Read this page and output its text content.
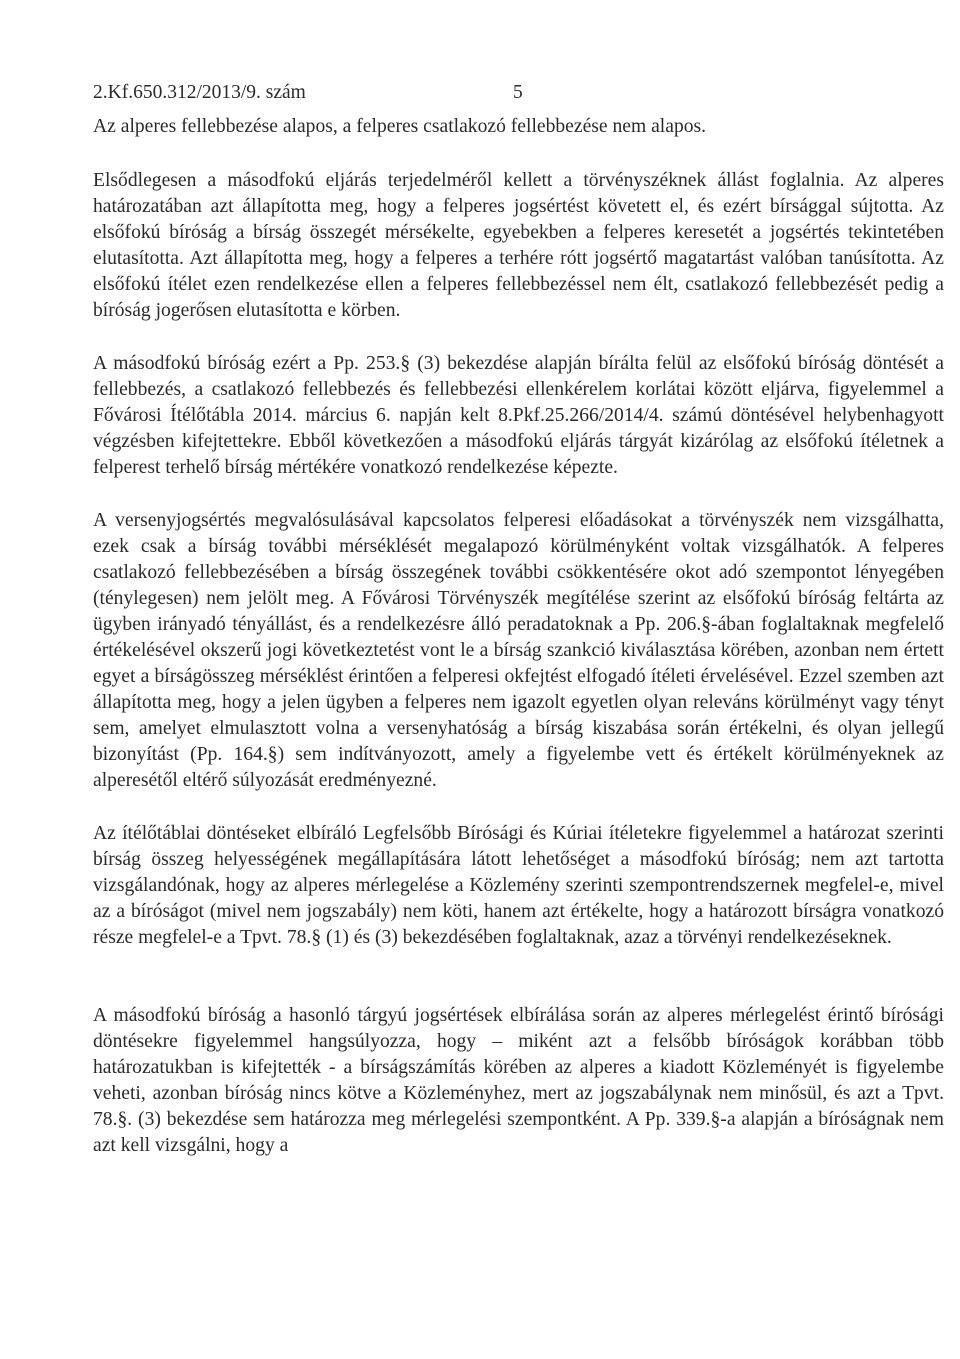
2.Kf.650.312/2013/9. szám	5

Az alperes fellebbezése alapos, a felperes csatlakozó fellebbezése nem alapos.

Elsődlegesen a másodfokú eljárás terjedelméről kellett a törvényszéknek állást foglalnia. Az alperes határozatában azt állapította meg, hogy a felperes jogsértést követett el, és ezért bírsággal sújtotta. Az elsőfokú bíróság a bírság összegét mérsékelte, egyebekben a felperes keresetét a jogsértés tekintetében elutasította. Azt állapította meg, hogy a felperes a terhére rótt jogsértő magatartást valóban tanúsította. Az elsőfokú ítélet ezen rendelkezése ellen a felperes fellebbezéssel nem élt, csatlakozó fellebbezését pedig a bíróság jogerősen elutasította e körben.

A másodfokú bíróság ezért a Pp. 253.§ (3) bekezdése alapján bírálta felül az elsőfokú bíróság döntését a fellebbezés, a csatlakozó fellebbezés és fellebbezési ellenkérelem korlátai között eljárva, figyelemmel a Fővárosi Ítélőtábla 2014. március 6. napján kelt 8.Pkf.25.266/2014/4. számú döntésével helybenhagyott végzésben kifejtettekre. Ebből következően a másodfokú eljárás tárgyát kizárólag az elsőfokú ítéletnek a felperest terhelő bírság mértékére vonatkozó rendelkezése képezte.

A versenyjogsértés megvalósulásával kapcsolatos felperesi előadásokat a törvényszék nem vizsgálhatta, ezek csak a bírság további mérséklését megalapozó körülményként voltak vizsgálhatók. A felperes csatlakozó fellebbezésében a bírság összegének további csökkentésére okot adó szempontot lényegében (ténylegesen) nem jelölt meg. A Fővárosi Törvényszék megítélése szerint az elsőfokú bíróság feltárta az ügyben irányadó tényállást, és a rendelkezésre álló peradatoknak a Pp. 206.§-ában foglaltaknak megfelelő értékelésével okszerű jogi következtetést vont le a bírság szankció kiválasztása körében, azonban nem értett egyet a bírságösszeg mérséklést érintően a felperesi okfejtést elfogadó ítéleti érvelésével. Ezzel szemben azt állapította meg, hogy a jelen ügyben a felperes nem igazolt egyetlen olyan releváns körülményt vagy tényt sem, amelyet elmulasztott volna a versenyhatóság a bírság kiszabása során értékelni, és olyan jellegű bizonyítást (Pp. 164.§) sem indítványozott, amely a figyelembe vett és értékelt körülményeknek az alperesétől eltérő súlyozását eredményezné.

Az ítélőtáblai döntéseket elbíráló Legfelsőbb Bírósági és Kúriai ítéletekre figyelemmel a határozat szerinti bírság összeg helyességének megállapítására látott lehetőséget a másodfokú bíróság; nem azt tartotta vizsgálandónak, hogy az alperes mérlegelése a Közlemény szerinti szempontrendszernek megfelel-e, mivel az a bíróságot (mivel nem jogszabály) nem köti, hanem azt értékelte, hogy a határozott bírságra vonatkozó része megfelel-e a Tpvt. 78.§ (1) és (3) bekezdésében foglaltaknak, azaz a törvényi rendelkezéseknek.

A másodfokú bíróság a hasonló tárgyú jogsértések elbírálása során az alperes mérlegelést érintő bírósági döntésekre figyelemmel hangsúlyozza, hogy – miként azt a felsőbb bíróságok korábban több határozatukban is kifejtették - a bírságszámítás körében az alperes a kiadott Közleményét is figyelembe veheti, azonban bíróság nincs kötve a Közleményhez, mert az jogszabálynak nem minősül, és azt a Tpvt. 78.§. (3) bekezdése sem határozza meg mérlegelési szempontként. A Pp. 339.§-a alapján a bíróságnak nem azt kell vizsgálni, hogy a
